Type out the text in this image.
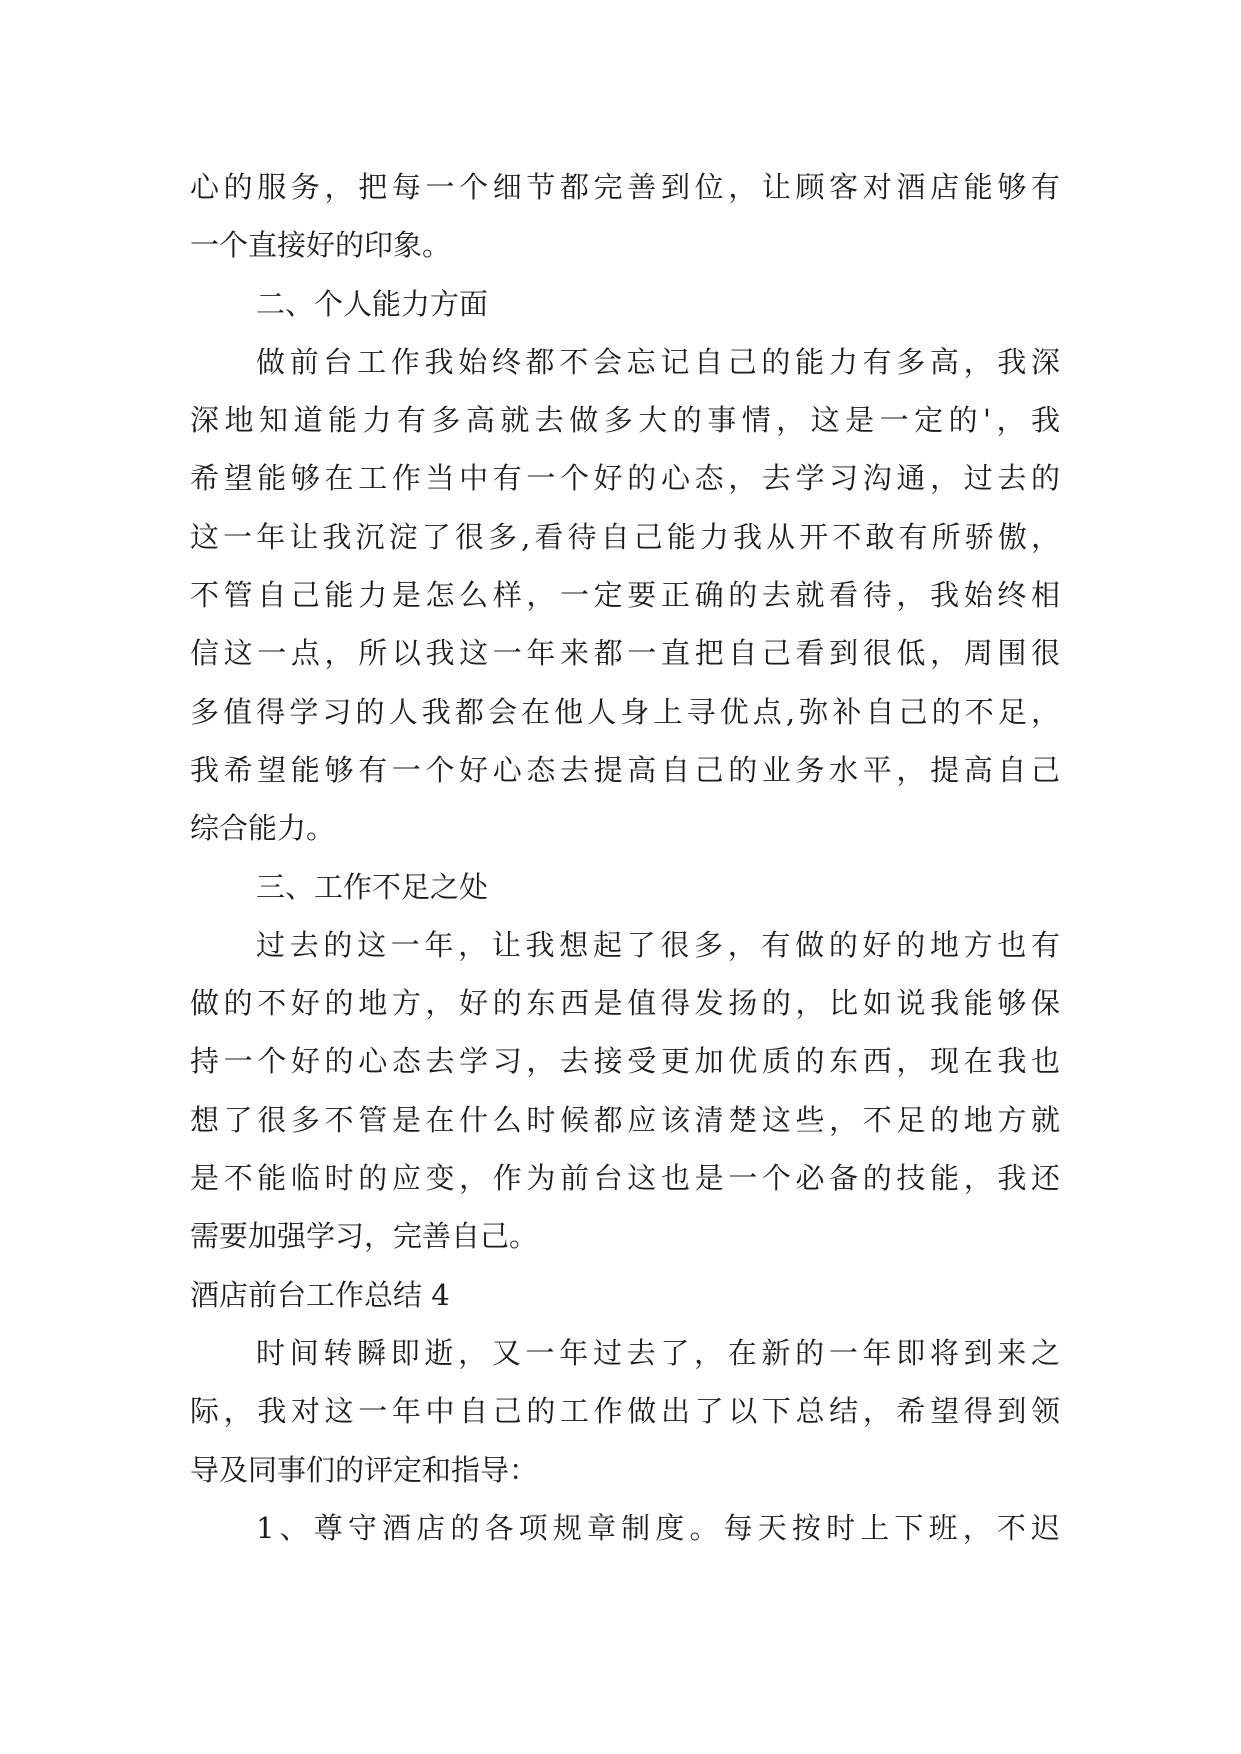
心的服务，把每一个细节都完善到位，让顾客对酒店能够有
一个直接好的印象。
二、个人能力方面
做前台工作我始终都不会忘记自己的能力有多高，我深
深地知道能力有多高就去做多大的事情，这是一定的'，我
希望能够在工作当中有一个好的心态，去学习沟通，过去的
这一年让我沉淀了很多,看待自己能力我从开不敢有所骄傲，
不管自己能力是怎么样，一定要正确的去就看待，我始终相
信这一点，所以我这一年来都一直把自己看到很低，周围很
多值得学习的人我都会在他人身上寻优点,弥补自己的不足，
我希望能够有一个好心态去提高自己的业务水平，提高自己
综合能力。
三、工作不足之处
过去的这一年，让我想起了很多，有做的好的地方也有
做的不好的地方，好的东西是值得发扬的，比如说我能够保
持一个好的心态去学习，去接受更加优质的东西，现在我也
想了很多不管是在什么时候都应该清楚这些，不足的地方就
是不能临时的应变，作为前台这也是一个必备的技能，我还
需要加强学习，完善自己。
酒店前台工作总结 4
时间转瞬即逝，又一年过去了，在新的一年即将到来之
际，我对这一年中自己的工作做出了以下总结，希望得到领
导及同事们的评定和指导：
1、尊守酒店的各项规章制度。每天按时上下班，不迟
